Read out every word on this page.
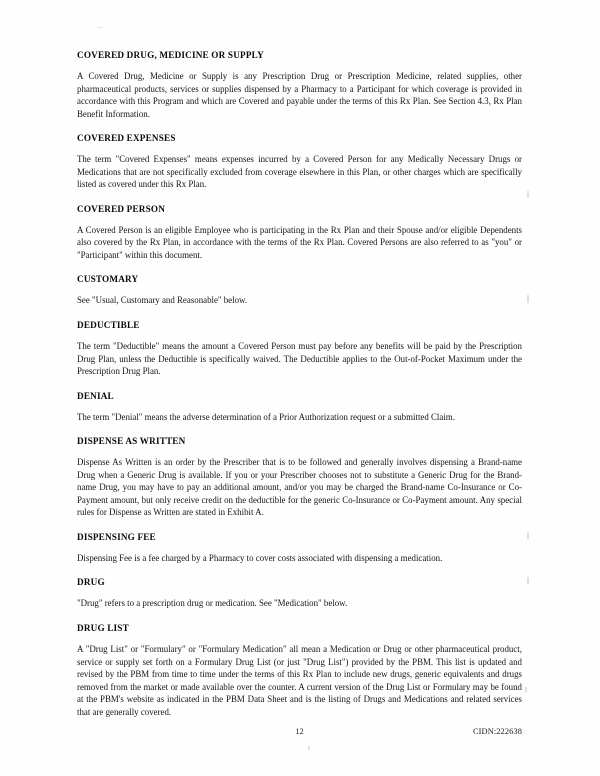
COVERED DRUG, MEDICINE OR SUPPLY

A Covered Drug, Medicine or Supply is any Prescription Drug or Prescription Medicine, related supplies, other pharmaceutical products, services or supplies dispensed by a Pharmacy to a Participant for which coverage is provided in accordance with this Program and which are Covered and payable under the terms of this Rx Plan. See Section 4.3, Rx Plan Benefit Information.

COVERED EXPENSES

The term "Covered Expenses" means expenses incurred by a Covered Person for any Medically Necessary Drugs or Medications that are not specifically excluded from coverage elsewhere in this Plan, or other charges which are specifically listed as covered under this Rx Plan.

COVERED PERSON

A Covered Person is an eligible Employee who is participating in the Rx Plan and their Spouse and/or eligible Dependents also covered by the Rx Plan, in accordance with the terms of the Rx Plan. Covered Persons are also referred to as "you" or "Participant" within this document.

CUSTOMARY

See "Usual, Customary and Reasonable" below.

DEDUCTIBLE

The term "Deductible" means the amount a Covered Person must pay before any benefits will be paid by the Prescription Drug Plan, unless the Deductible is specifically waived. The Deductible applies to the Out-of-Pocket Maximum under the Prescription Drug Plan.

DENIAL

The term "Denial" means the adverse determination of a Prior Authorization request or a submitted Claim.

DISPENSE AS WRITTEN

Dispense As Written is an order by the Prescriber that is to be followed and generally involves dispensing a Brand-name Drug when a Generic Drug is available. If you or your Prescriber chooses not to substitute a Generic Drug for the Brand-name Drug, you may have to pay an additional amount, and/or you may be charged the Brand-name Co-Insurance or Co-Payment amount, but only receive credit on the deductible for the generic Co-Insurance or Co-Payment amount. Any special rules for Dispense as Written are stated in Exhibit A.

DISPENSING FEE

Dispensing Fee is a fee charged by a Pharmacy to cover costs associated with dispensing a medication.

DRUG

"Drug" refers to a prescription drug or medication. See "Medication" below.

DRUG LIST

A "Drug List" or "Formulary" or "Formulary Medication" all mean a Medication or Drug or other pharmaceutical product, service or supply set forth on a Formulary Drug List (or just "Drug List") provided by the PBM. This list is updated and revised by the PBM from time to time under the terms of this Rx Plan to include new drugs, generic equivalents and drugs removed from the market or made available over the counter. A current version of the Drug List or Formulary may be found at the PBM's website as indicated in the PBM Data Sheet and is the listing of Drugs and Medications and related services that are generally covered.

12	CIDN:222638
